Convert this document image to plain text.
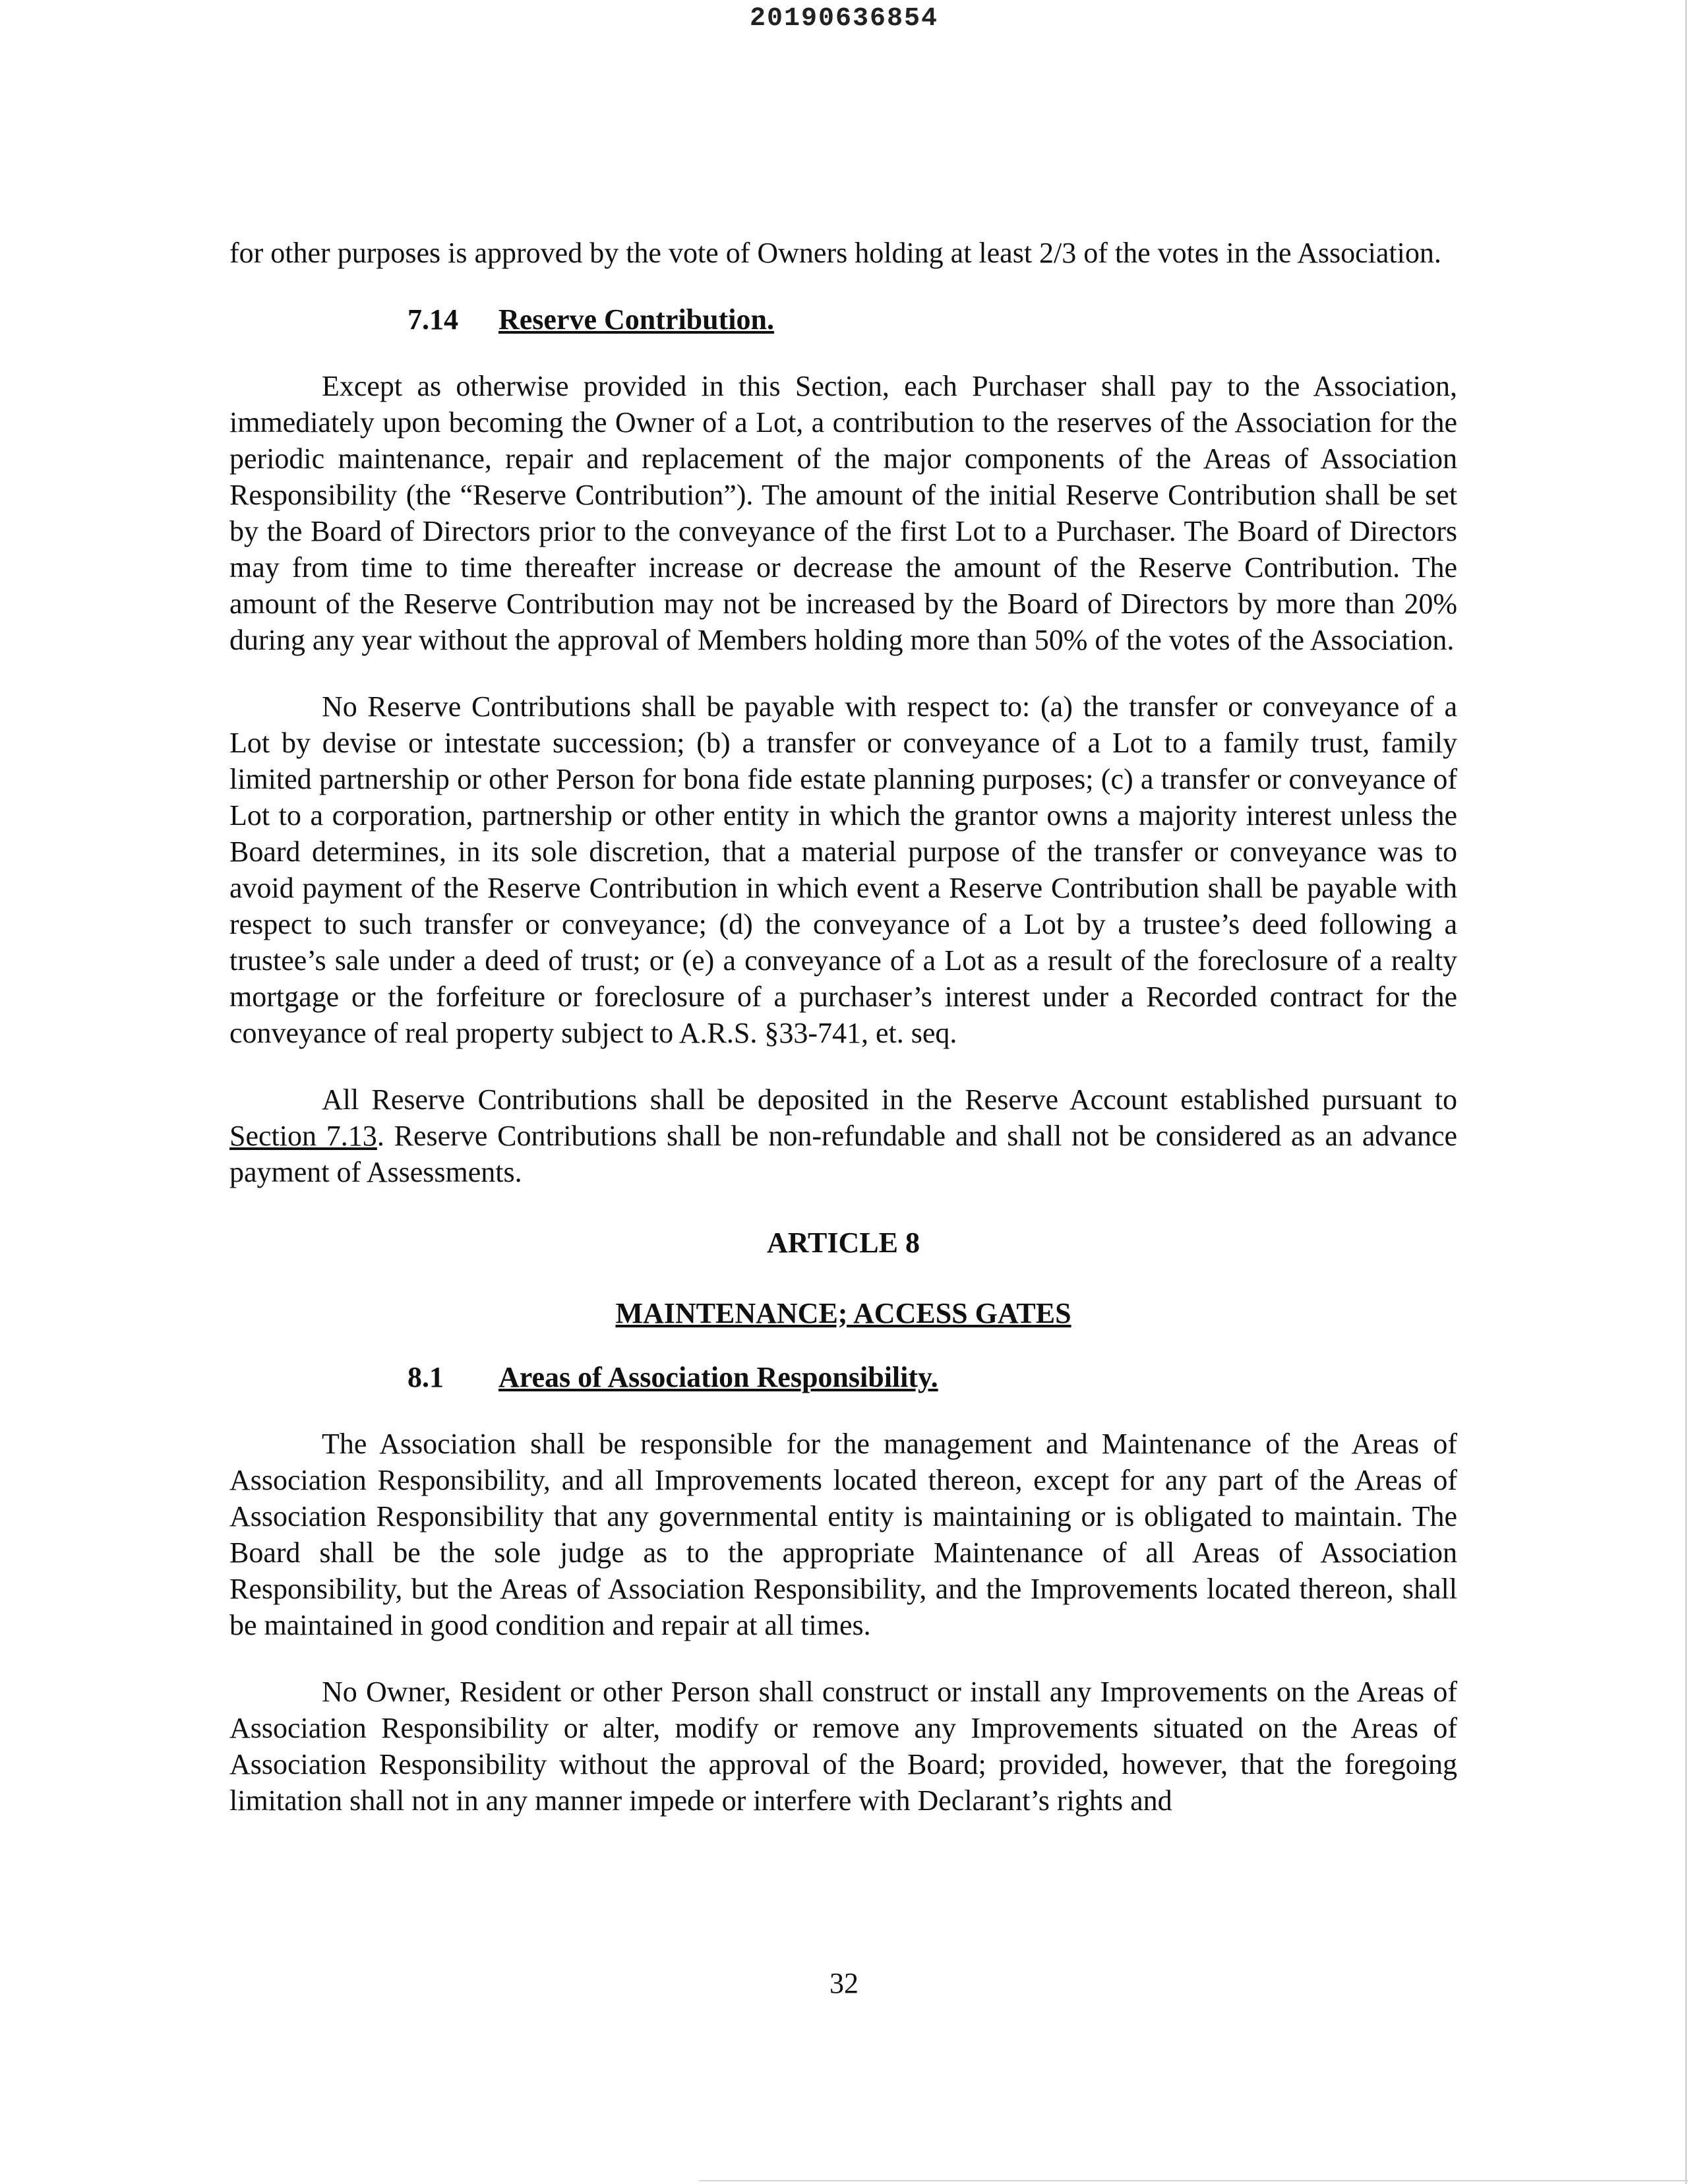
20190636854

for other purposes is approved by the vote of Owners holding at least 2/3 of the votes in the Association.

7.14 Reserve Contribution.

Except as otherwise provided in this Section, each Purchaser shall pay to the Association, immediately upon becoming the Owner of a Lot, a contribution to the reserves of the Association for the periodic maintenance, repair and replacement of the major components of the Areas of Association Responsibility (the “Reserve Contribution”). The amount of the initial Reserve Contribution shall be set by the Board of Directors prior to the conveyance of the first Lot to a Purchaser. The Board of Directors may from time to time thereafter increase or decrease the amount of the Reserve Contribution. The amount of the Reserve Contribution may not be increased by the Board of Directors by more than 20% during any year without the approval of Members holding more than 50% of the votes of the Association.

No Reserve Contributions shall be payable with respect to: (a) the transfer or conveyance of a Lot by devise or intestate succession; (b) a transfer or conveyance of a Lot to a family trust, family limited partnership or other Person for bona fide estate planning purposes; (c) a transfer or conveyance of Lot to a corporation, partnership or other entity in which the grantor owns a majority interest unless the Board determines, in its sole discretion, that a material purpose of the transfer or conveyance was to avoid payment of the Reserve Contribution in which event a Reserve Contribution shall be payable with respect to such transfer or conveyance; (d) the conveyance of a Lot by a trustee’s deed following a trustee’s sale under a deed of trust; or (e) a conveyance of a Lot as a result of the foreclosure of a realty mortgage or the forfeiture or foreclosure of a purchaser’s interest under a Recorded contract for the conveyance of real property subject to A.R.S. §33-741, et. seq.

All Reserve Contributions shall be deposited in the Reserve Account established pursuant to Section 7.13. Reserve Contributions shall be non-refundable and shall not be considered as an advance payment of Assessments.

ARTICLE 8
MAINTENANCE; ACCESS GATES
8.1 Areas of Association Responsibility.

The Association shall be responsible for the management and Maintenance of the Areas of Association Responsibility, and all Improvements located thereon, except for any part of the Areas of Association Responsibility that any governmental entity is maintaining or is obligated to maintain. The Board shall be the sole judge as to the appropriate Maintenance of all Areas of Association Responsibility, but the Areas of Association Responsibility, and the Improvements located thereon, shall be maintained in good condition and repair at all times.

No Owner, Resident or other Person shall construct or install any Improvements on the Areas of Association Responsibility or alter, modify or remove any Improvements situated on the Areas of Association Responsibility without the approval of the Board; provided, however, that the foregoing limitation shall not in any manner impede or interfere with Declarant’s rights and

32
